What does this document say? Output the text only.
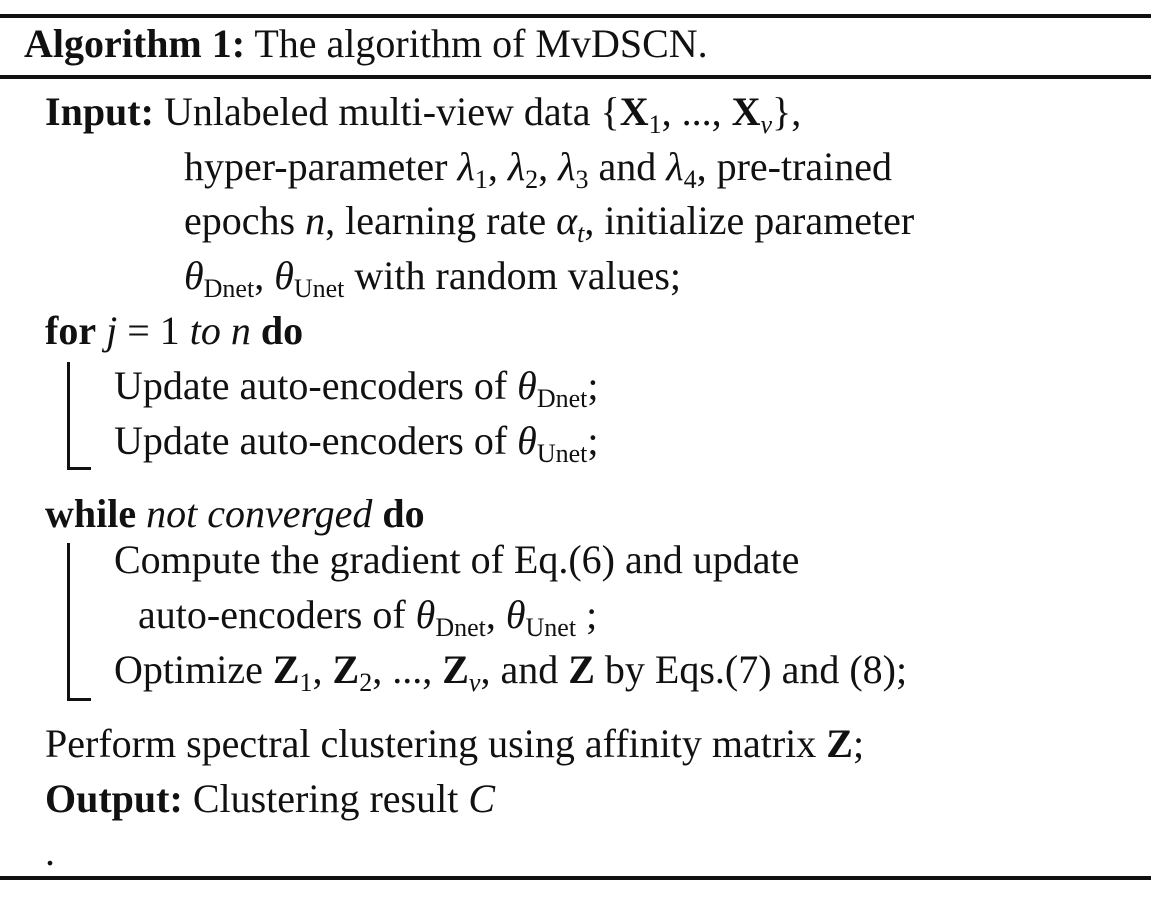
Algorithm 1: The algorithm of MvDSCN.
Input: Unlabeled multi-view data {$X_1$, ..., $X_v$},
hyper-parameter $\lambda_1$, $\lambda_2$, $\lambda_3$ and $\lambda_4$, pre-trained
epochs n, learning rate $\alpha_t$, initialize parameter
$\theta_{Dnet}$, $\theta_{Unet}$ with random values;
for j = 1 to n do
Update auto-encoders of $\theta_{Dnet}$;
Update auto-encoders of $\theta_{Unet}$;
while not converged do
Compute the gradient of Eq.(6) and update
auto-encoders of $\theta_{Dnet}$, $\theta_{Unet}$ ;
Optimize $Z_1$, $Z_2$, ..., $Z_v$, and Z by Eqs.(7) and (8);
Perform spectral clustering using affinity matrix Z;
Output: Clustering result C
.
